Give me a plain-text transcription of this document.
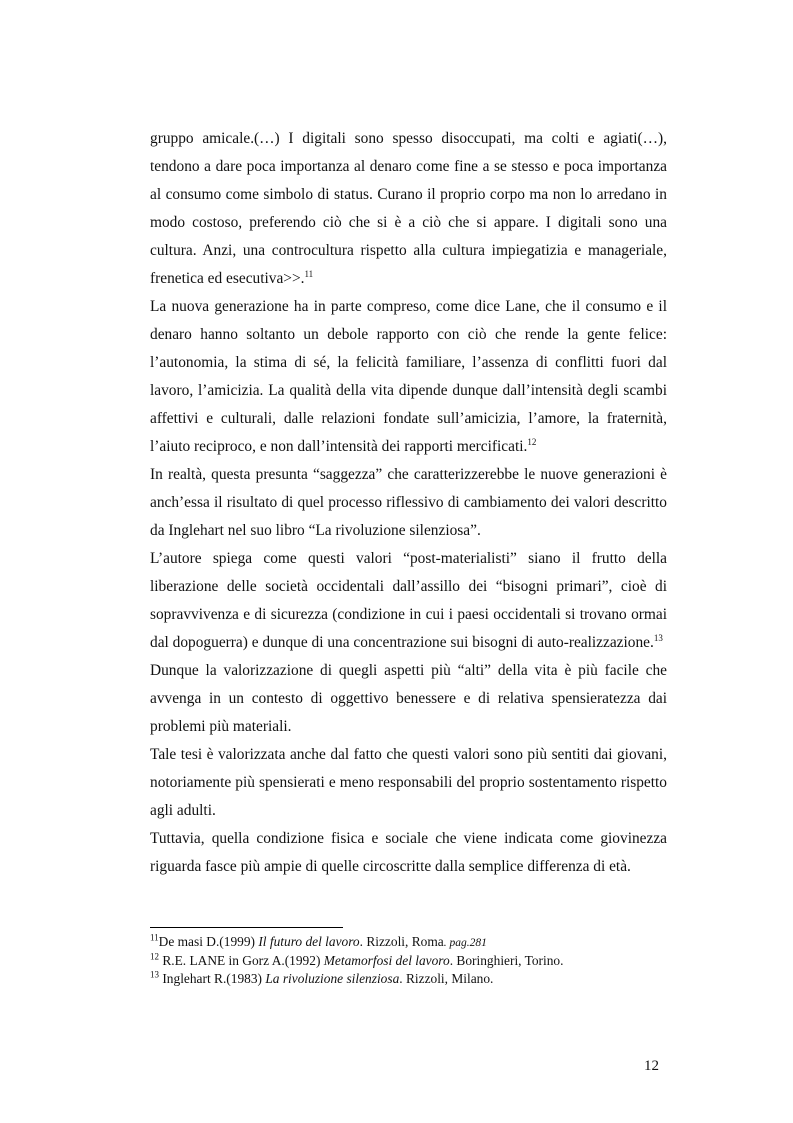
gruppo amicale.(…) I digitali sono spesso disoccupati, ma colti e agiati(…), tendono a dare poca importanza al denaro come fine a se stesso e poca importanza al consumo come simbolo di status. Curano il proprio corpo ma non lo arredano in modo costoso, preferendo ciò che si è a ciò che si appare. I digitali sono una cultura. Anzi, una controcultura rispetto alla cultura impiegatizia e manageriale, frenetica ed esecutiva>>.$^{11}$

La nuova generazione ha in parte compreso, come dice Lane, che il consumo e il denaro hanno soltanto un debole rapporto con ciò che rende la gente felice: l’autonomia, la stima di sé, la felicità familiare, l’assenza di conflitti fuori dal lavoro, l’amicizia. La qualità della vita dipende dunque dall’intensità degli scambi affettivi e culturali, dalle relazioni fondate sull’amicizia, l’amore, la fraternità, l’aiuto reciproco, e non dall’intensità dei rapporti mercificati.$^{12}$

In realtà, questa presunta “saggezza” che caratterizzerebbe le nuove generazioni è anch’essa il risultato di quel processo riflessivo di cambiamento dei valori descritto da Inglehart nel suo libro “La rivoluzione silenziosa”.

L’autore spiega come questi valori “post-materialisti” siano il frutto della liberazione delle società occidentali dall’assillo dei “bisogni primari”, cioè di sopravvivenza e di sicurezza (condizione in cui i paesi occidentali si trovano ormai dal dopoguerra) e dunque di una concentrazione sui bisogni di auto-realizzazione.$^{13}$

Dunque la valorizzazione di quegli aspetti più “alti” della vita è più facile che avvenga in un contesto di oggettivo benessere e di relativa spensieratezza dai problemi più materiali.

Tale tesi è valorizzata anche dal fatto che questi valori sono più sentiti dai giovani, notoriamente più spensierati e meno responsabili del proprio sostentamento rispetto agli adulti.

Tuttavia, quella condizione fisica e sociale che viene indicata come giovinezza riguarda fasce più ampie di quelle circoscritte dalla semplice differenza di età.

$^{11}$De masi D.(1999) Il futuro del lavoro. Rizzoli, Roma. pag.281

$^{12}$ R.E. LANE in Gorz A.(1992) Metamorfosi del lavoro. Boringhieri, Torino.

$^{13}$ Inglehart R.(1983) La rivoluzione silenziosa. Rizzoli, Milano.

12
